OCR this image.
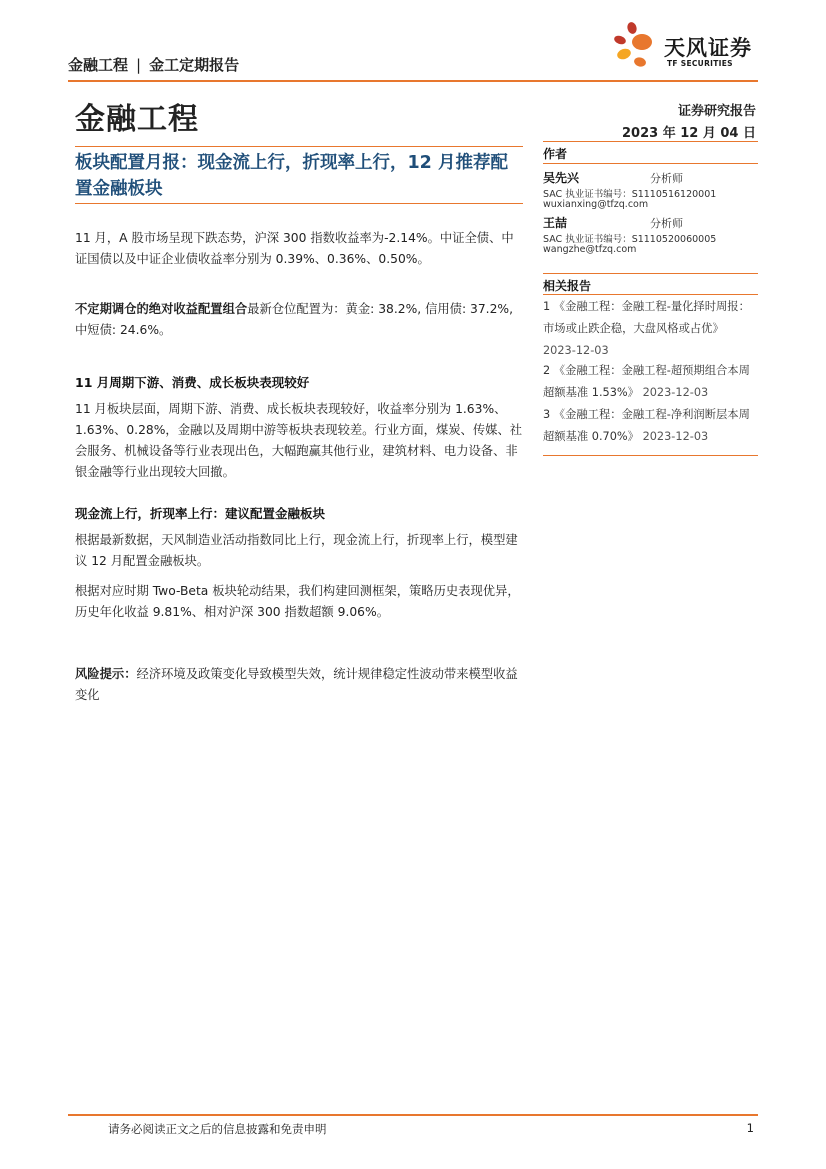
金融工程 | 金工定期报告
天风证券
TF SECURITIES
金融工程	证券研究报告
2023 年 12 月 04 日
板块配置月报：现金流上行，折现率上行，12 月推荐配置金融板块
11 月，A 股市场呈现下跌态势，沪深 300 指数收益率为-2.14%。中证全债、中证国债以及中证企业债收益率分别为 0.39%、0.36%、0.50%。
不定期调仓的绝对收益配置组合最新仓位配置为：黄金: 38.2%, 信用债: 37.2%, 中短债: 24.6%。
11 月周期下游、消费、成长板块表现较好
11 月板块层面，周期下游、消费、成长板块表现较好，收益率分别为 1.63%、1.63%、0.28%，金融以及周期中游等板块表现较差。行业方面，煤炭、传媒、社会服务、机械设备等行业表现出色，大幅跑赢其他行业，建筑材料、电力设备、非银金融等行业出现较大回撤。
现金流上行，折现率上行：建议配置金融板块
根据最新数据，天风制造业活动指数同比上行，现金流上行，折现率上行，模型建议 12 月配置金融板块。
根据对应时期 Two-Beta 板块轮动结果，我们构建回测框架，策略历史表现优异，历史年化收益 9.81%、相对沪深 300 指数超额 9.06%。
风险提示：经济环境及政策变化导致模型失效，统计规律稳定性波动带来模型收益变化
作者
吴先兴	分析师
SAC 执业证书编号：S1110516120001
wuxianxing@tfzq.com
王喆	分析师
SAC 执业证书编号：S1110520060005
wangzhe@tfzq.com
相关报告
1 《金融工程：金融工程-量化择时周报：市场或止跌企稳，大盘风格或占优》 2023-12-03
2 《金融工程：金融工程-超预期组合本周超额基准 1.53%》 2023-12-03
3 《金融工程：金融工程-净利润断层本周超额基准 0.70%》 2023-12-03
请务必阅读正文之后的信息披露和免责申明	1
